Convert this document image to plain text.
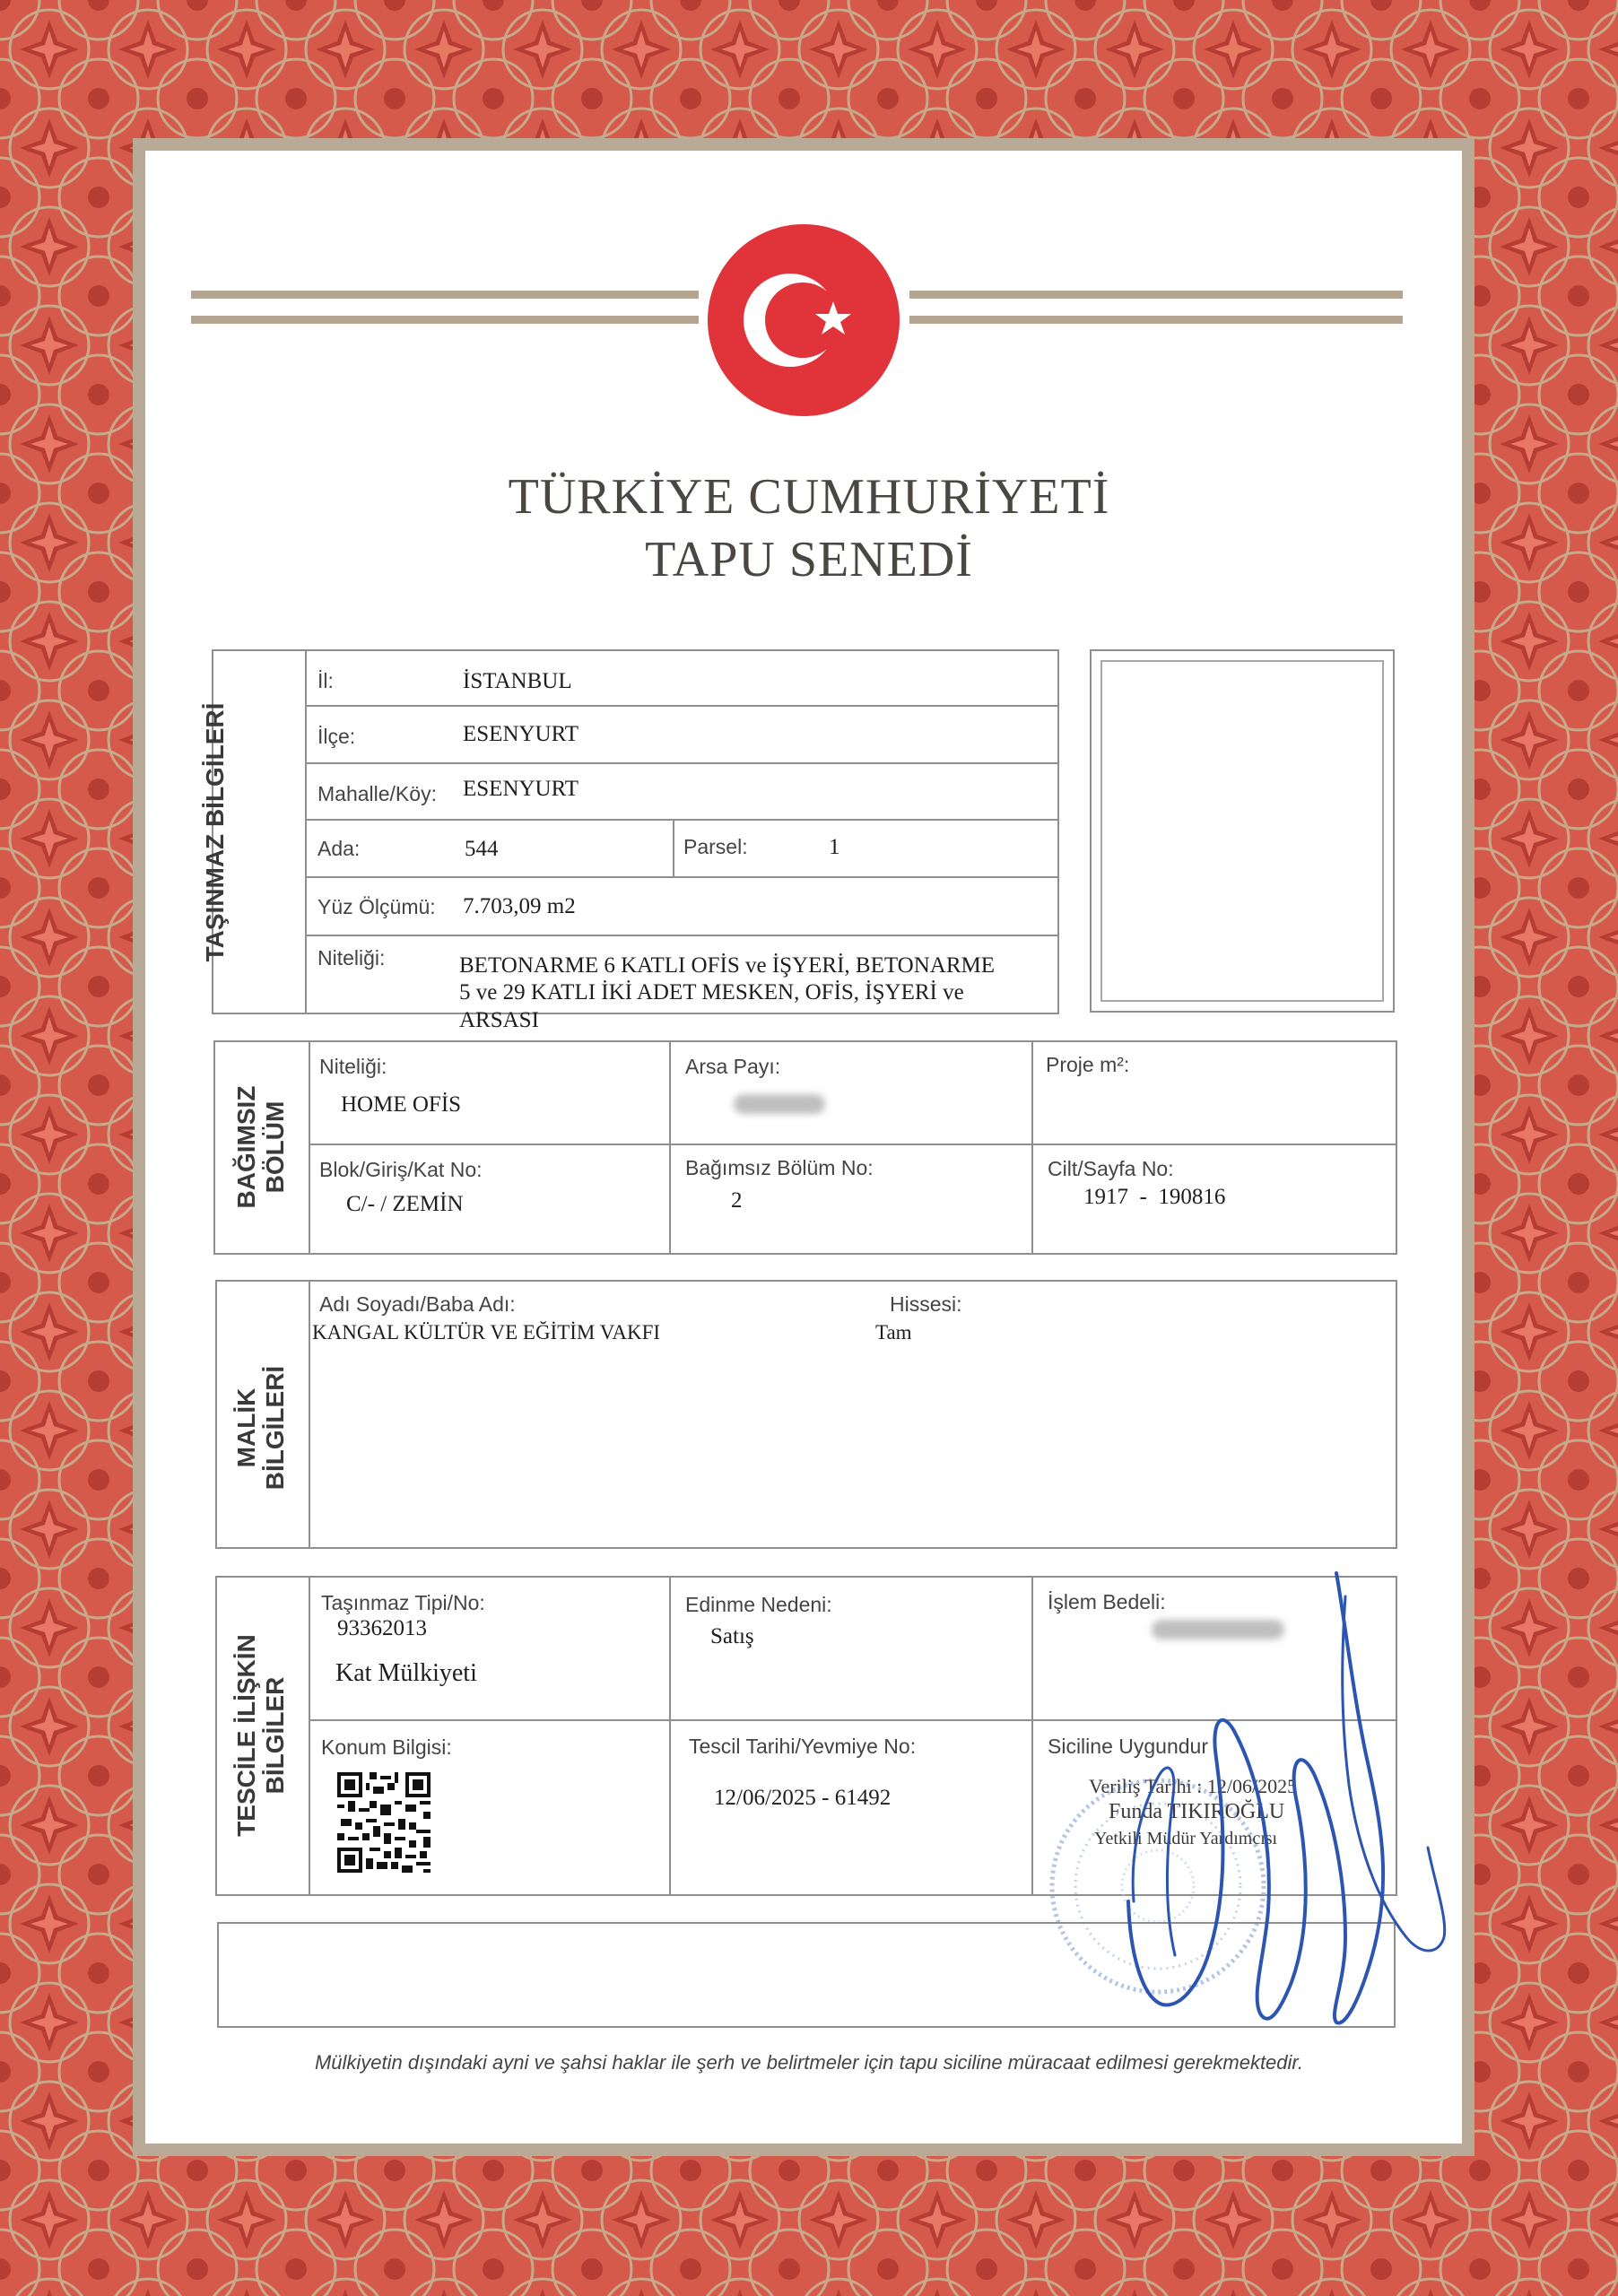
TÜRKİYE CUMHURİYETİ
TAPU SENEDİ
TAŞINMAZ BİLGİLERİ
İl:	İSTANBUL
İlçe:	ESENYURT
Mahalle/Köy: ESENYURT
Ada:	544	Parsel:	1
Yüz Ölçümü: 7.703,09 m2
Niteliği:	BETONARME 6 KATLI OFİS ve İŞYERİ, BETONARME
5 ve 29 KATLI İKİ ADET MESKEN, OFİS, İŞYERİ ve
ARSASI
BAĞIMSIZ BÖLÜM
Niteliği:
HOME OFİS
Arsa Payı:	Proje m²:
Blok/Giriş/Kat No:
C/- / ZEMİN
Bağımsız Bölüm No:
2
Cilt/Sayfa No:
1917  -  190816
MALİK BİLGİLERİ
Adı Soyadı/Baba Adı:
KANGAL KÜLTÜR VE EĞİTİM VAKFI
Hissesi:
Tam
TESCİLE İLİŞKİN BİLGİLER
Taşınmaz Tipi/No:
93362013
Kat Mülkiyeti
Edinme Nedeni:
Satış
İşlem Bedeli:
Konum Bilgisi:	Tescil Tarihi/Yevmiye No:
12/06/2025 - 61492
Siciline Uygundur
Veriliş Tarihi : 12/06/2025
Funda TIKIROĞLU
Yetkili Müdür Yardımcısı
Mülkiyetin dışındaki ayni ve şahsi haklar ile şerh ve belirtmeler için tapu siciline müracaat edilmesi gerekmektedir.
